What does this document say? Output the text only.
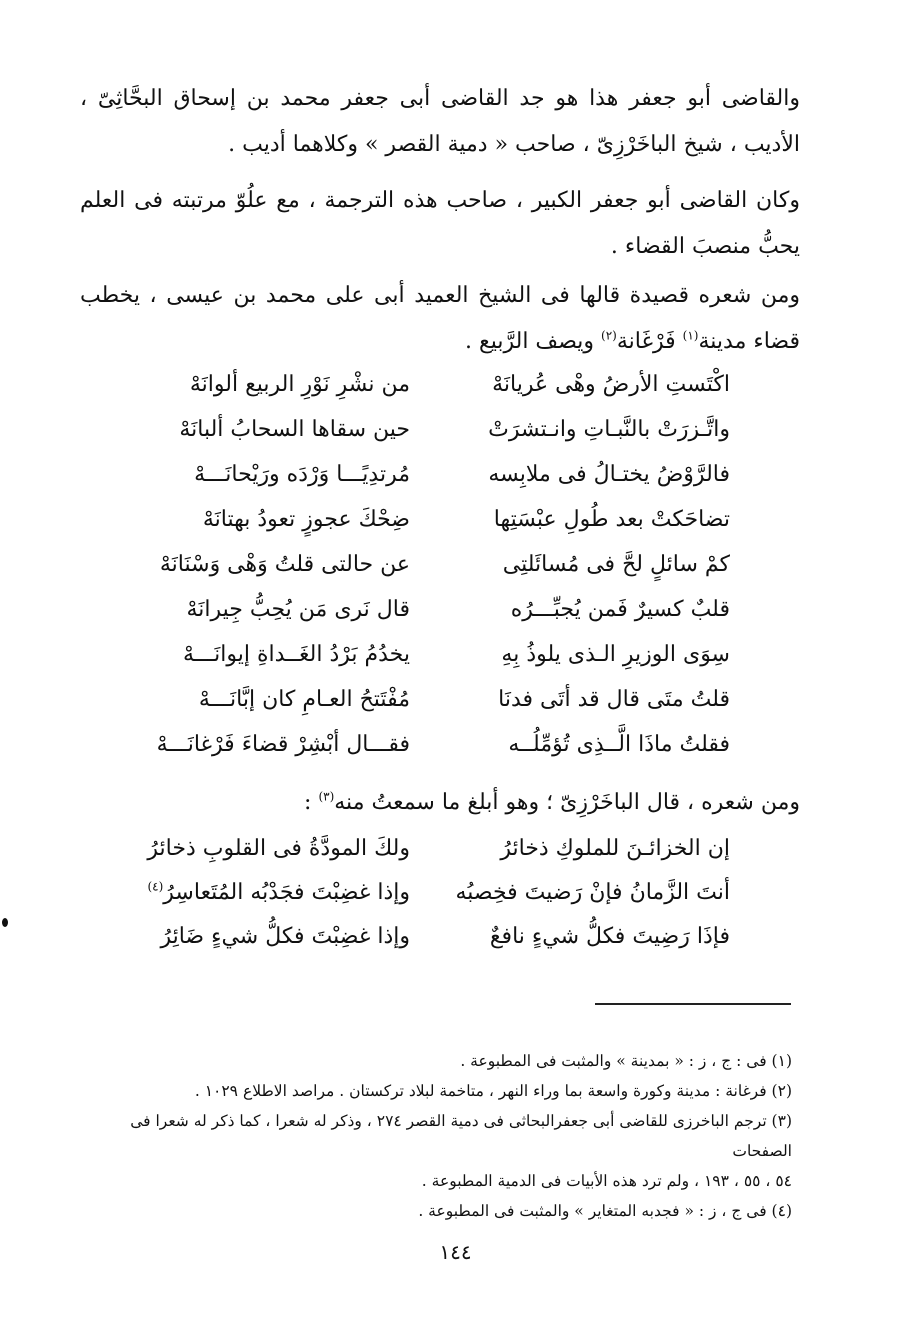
والقاضى أبو جعفر هذا هو جد القاضى أبى جعفر محمد بن إسحاق البحَّاثِىّ ، الأديب ، شيخ الباخَرْزِىّ ، صاحب « دمية القصر » وكلاهما أديب .

وكان القاضى أبو جعفر الكبير ، صاحب هذه الترجمة ، مع علُوّ مرتبته فى العلم يحبُّ منصبَ القضاء .

ومن شعره قصيدة قالها فى الشيخ العميد أبى على محمد بن عيسى ، يخطب قضاء مدينة$^{(١)}$ فَرْغَانة$^{(٢)}$ ويصف الرَّبيع .

اكْتَستِ الأرضُ وهْى عُريانَهْ
من نشْرِ نَوْرِ الربيع ألوانَهْ
واتَّـزرَتْ بالنَّبـاتِ وانـتشرَتْ
حين سقاها السحابُ ألبانَهْ
فالرَّوْضُ يختـالُ فى ملابِسه
مُرتدِيًـــا وَرْدَه ورَيْحانَـــهْ
تضاحَكتْ بعد طُولِ عبْسَتِها
ضِحْكَ عجوزٍ تعودُ بهتانَهْ
كمْ سائلٍ لحَّ فى مُسائَلتِى
عن حالتى قلتُ وَهْى وَسْنَانَهْ
قلبٌ كسيرٌ فَمن يُجبِّـــرُه
قال نَرى مَن يُحِبُّ جِيرانَهْ
سِوَى الوزيرِ الـذى يلوذُ بِهِ
يخدُمُ بَرْدُ الغَــداةِ إيوانَـــهْ
قلتُ متَى قال قد أتَى فدنَا
مُفْتَتحُ العـامِ كان إبَّانَـــهْ
فقلتُ ماذَا الَّــذِى تُؤمِّلُــه
فقـــال أبْشِرْ قضاءَ فَرْغانَـــهْ

ومن شعره ، قال الباخَرْزِىّ ؛ وهو أبلغ ما سمعتُ منه$^{(٣)}$ :

إن الخزائـنَ للملوكِ ذخائرُ
ولكَ المودَّةُ فى القلوبِ ذخائرُ
أنتَ الزَّمانُ فإنْ رَضيتَ فخِصبُه
وإذا غضِبْتَ فجَدْبُه المُتَعاسِرُ$^{(٤)}$
فإذَا رَضِيتَ فكلُّ شيءٍ نافعٌ
وإذا غضِبْتَ فكلُّ شيءٍ ضَائِرُ

(١) فى : ج ، ز : « بمدينة » والمثبت فى المطبوعة .

(٢) فرغانة : مدينة وكورة واسعة بما وراء النهر ، متاخمة لبلاد تركستان . مراصد الاطلاع ١٠٢٩ .

(٣) ترجم الباخرزى للقاضى أبى جعفرالبحاثى فى دمية القصر ٢٧٤ ، وذكر له شعرا ، كما ذكر له شعرا فى الصفحات

٥٤ ، ٥٥ ، ١٩٣ ، ولم ترد هذه الأبيات فى الدمية المطبوعة .

(٤) فى ج ، ز : « فجدبه المتغاير » والمثبت فى المطبوعة .

١٤٤
